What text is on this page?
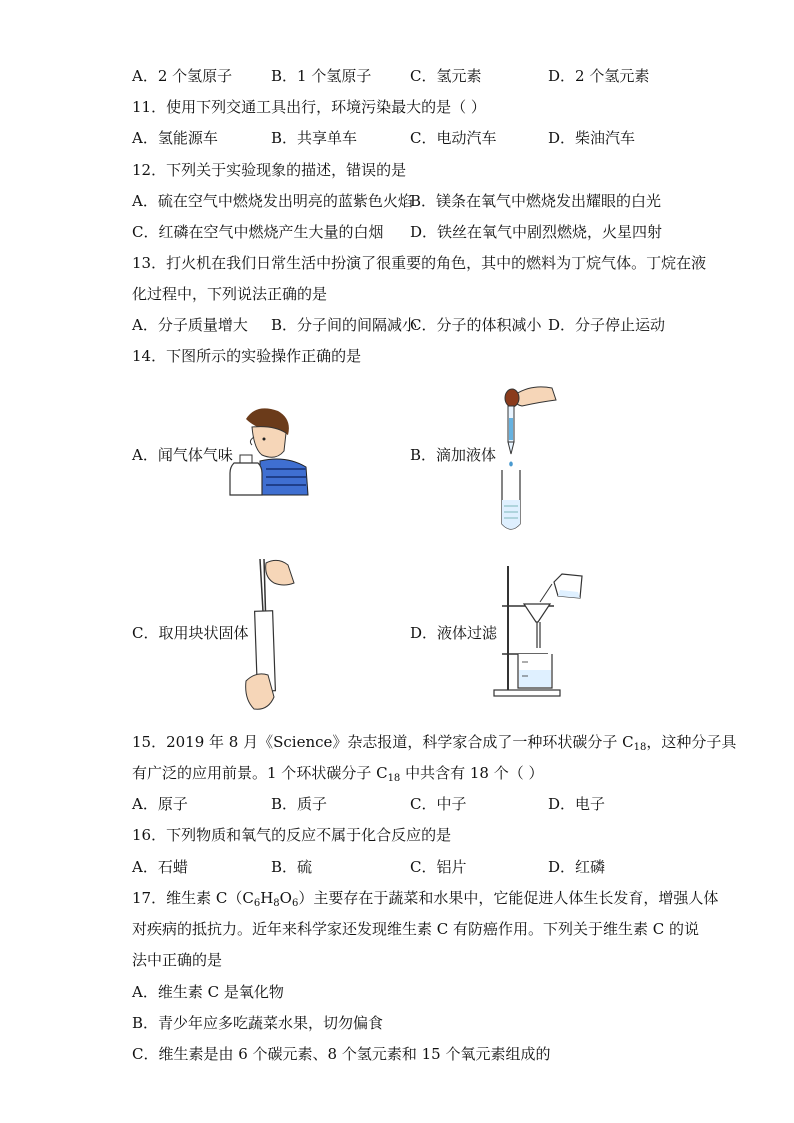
A．2 个氢原子	B．1 个氢原子	C．氢元素	D．2 个氢元素
11．使用下列交通工具出行，环境污染最大的是（ ）
A．氢能源车	B．共享单车	C．电动汽车	D．柴油汽车
12．下列关于实验现象的描述，错误的是
A．硫在空气中燃烧发出明亮的蓝紫色火焰
B．镁条在氧气中燃烧发出耀眼的白光
C．红磷在空气中燃烧产生大量的白烟 D．铁丝在氧气中剧烈燃烧，火星四射
13．打火机在我们日常生活中扮演了很重要的角色，其中的燃料为丁烷气体。丁烷在液
化过程中，下列说法正确的是
A．分子质量增大 B．分子间的间隔减小
C．分子的体积减小 D．分子停止运动
14．下图所示的实验操作正确的是
A．闻气体气味	B．滴加液体
C．取用块状固体	D．液体过滤
15．2019 年 8 月《Science》杂志报道，科学家合成了一种环状碳分子 $C_{18}$，这种分子具
有广泛的应用前景。1 个环状碳分子 $C_{18}$ 中共含有 18 个（ ）
A．原子	B．质子	C．中子	D．电子
16．下列物质和氧气的反应不属于化合反应的是
A．石蜡	B．硫	C．铝片	D．红磷
17．维生素 $C(C_6H_8O_6)$主要存在于蔬菜和水果中，它能促进人体生长发育，增强人体
对疾病的抵抗力。近年来科学家还发现维生素 C 有防癌作用。下列关于维生素 C 的说
法中正确的是
A．维生素 C 是氧化物
B．青少年应多吃蔬菜水果，切勿偏食
C．维生素是由 6 个碳元素、8 个氢元素和 15 个氧元素组成的
